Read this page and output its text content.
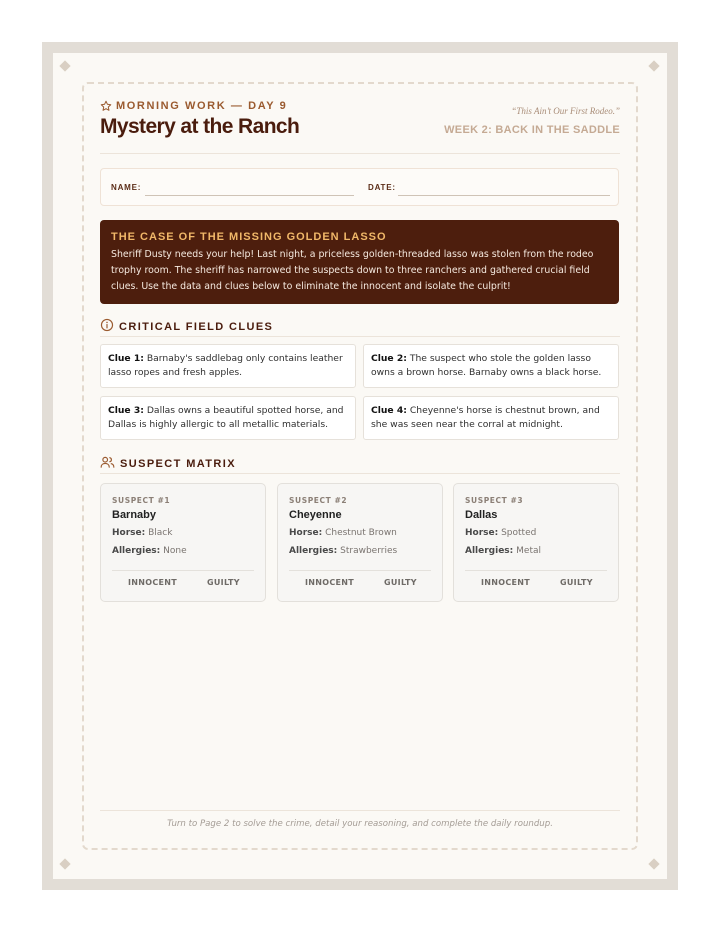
MORNING WORK — DAY 9
Mystery at the Ranch
“This Ain’t Our First Rodeo.”
WEEK 2: BACK IN THE SADDLE
NAME:	DATE:
THE CASE OF THE MISSING GOLDEN LASSO
Sheriff Dusty needs your help! Last night, a priceless golden-threaded lasso was stolen from the rodeo trophy room. The sheriff has narrowed the suspects down to three ranchers and gathered crucial field clues. Use the data and clues below to eliminate the innocent and isolate the culprit!
CRITICAL FIELD CLUES
Clue 1: Barnaby's saddlebag only contains leather lasso ropes and fresh apples.
Clue 2: The suspect who stole the golden lasso owns a brown horse. Barnaby owns a black horse.
Clue 3: Dallas owns a beautiful spotted horse, and Dallas is highly allergic to all metallic materials.
Clue 4: Cheyenne's horse is chestnut brown, and she was seen near the corral at midnight.
SUSPECT MATRIX
SUSPECT #1
Barnaby
Horse: Black
Allergies: None
INNOCENT	GUILTY
SUSPECT #2
Cheyenne
Horse: Chestnut Brown
Allergies: Strawberries
INNOCENT	GUILTY
SUSPECT #3
Dallas
Horse: Spotted
Allergies: Metal
INNOCENT	GUILTY
Turn to Page 2 to solve the crime, detail your reasoning, and complete the daily roundup.
